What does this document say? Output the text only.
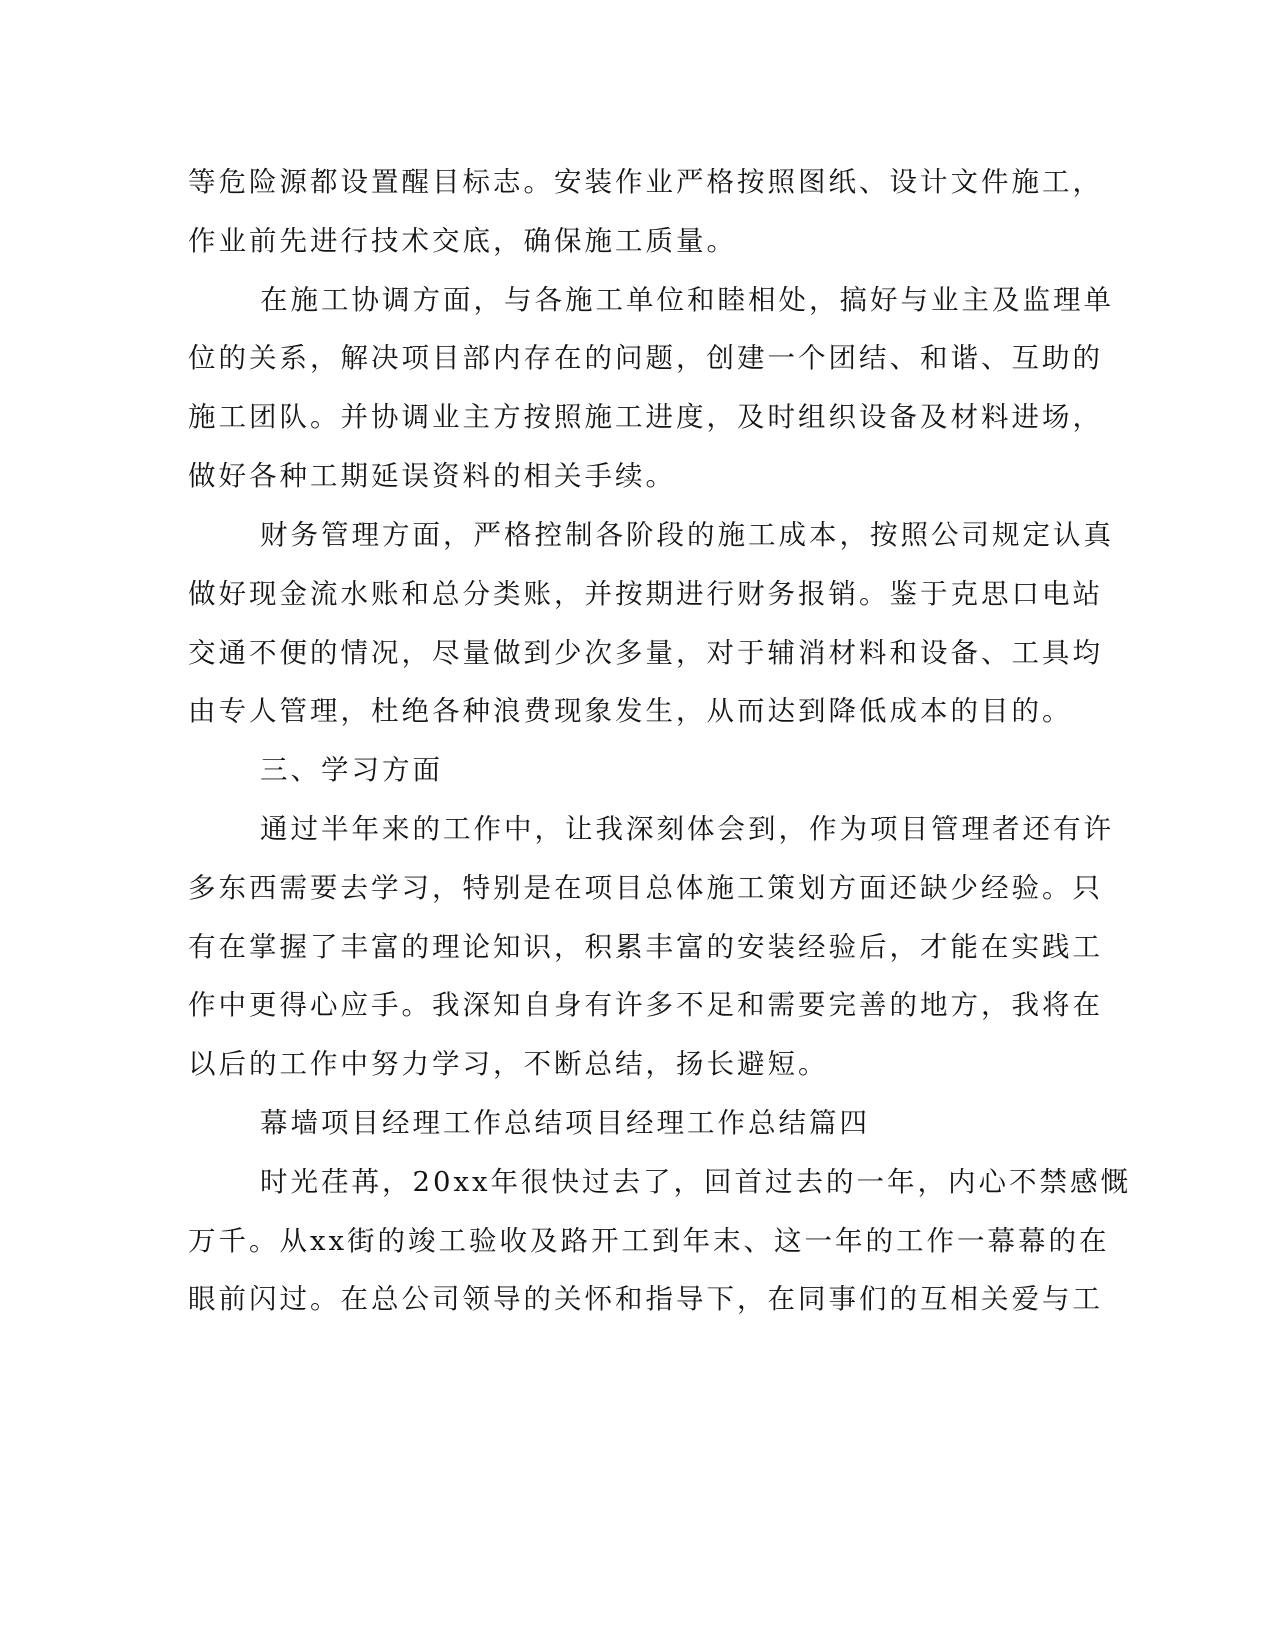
等危险源都设置醒目标志。安装作业严格按照图纸、设计文件施工，

作业前先进行技术交底，确保施工质量。

在施工协调方面，与各施工单位和睦相处，搞好与业主及监理单

位的关系，解决项目部内存在的问题，创建一个团结、和谐、互助的

施工团队。并协调业主方按照施工进度，及时组织设备及材料进场，

做好各种工期延误资料的相关手续。

财务管理方面，严格控制各阶段的施工成本，按照公司规定认真

做好现金流水账和总分类账，并按期进行财务报销。鉴于克思口电站

交通不便的情况，尽量做到少次多量，对于辅消材料和设备、工具均

由专人管理，杜绝各种浪费现象发生，从而达到降低成本的目的。

三、学习方面

通过半年来的工作中，让我深刻体会到，作为项目管理者还有许

多东西需要去学习，特别是在项目总体施工策划方面还缺少经验。只

有在掌握了丰富的理论知识，积累丰富的安装经验后，才能在实践工

作中更得心应手。我深知自身有许多不足和需要完善的地方，我将在

以后的工作中努力学习，不断总结，扬长避短。

幕墙项目经理工作总结项目经理工作总结篇四

时光荏苒，20xx年很快过去了，回首过去的一年，内心不禁感慨

万千。从xx街的竣工验收及路开工到年末、这一年的工作一幕幕的在

眼前闪过。在总公司领导的关怀和指导下，在同事们的互相关爱与工
